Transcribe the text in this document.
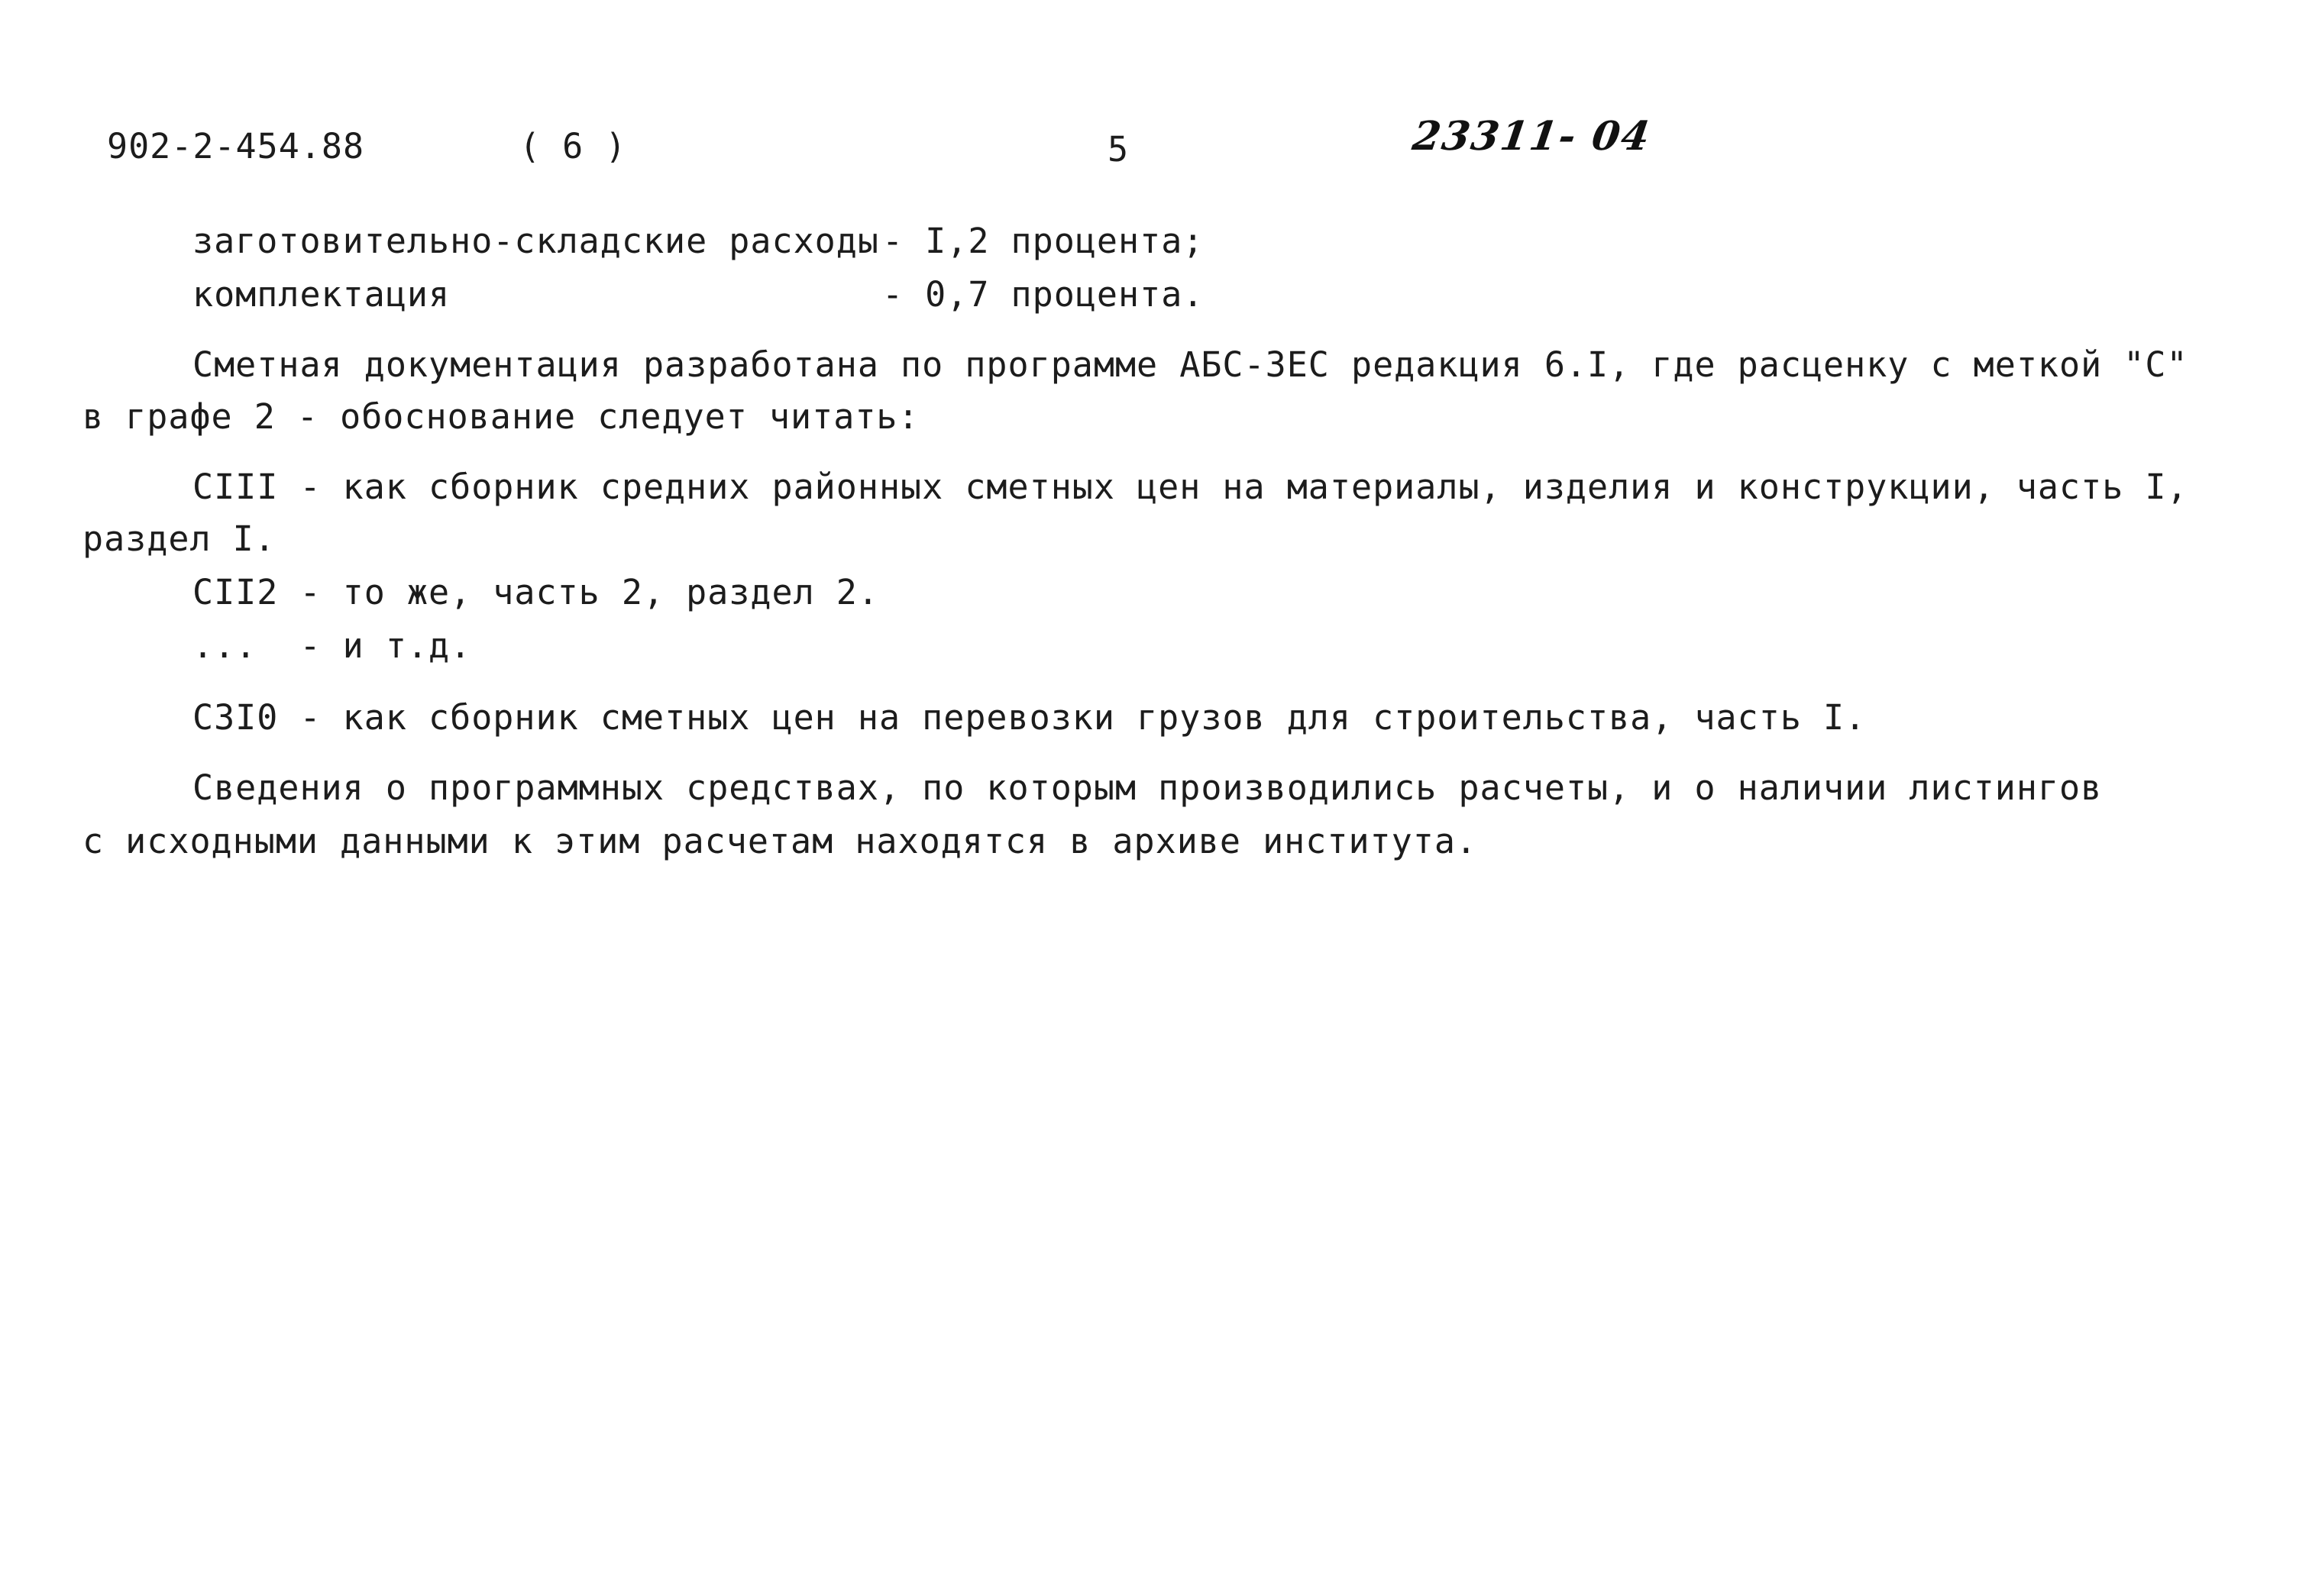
902-2-454.88	( 6 )	5	23311- 04
заготовительно-складские расходы - I,2 процента;
комплектация	- 0,7 процента.
Сметная документация разработана по программе АБС-3ЕС редакция 6.I, где расценку с меткой "С"
в графе 2 - обоснование следует читать:
CIII - как сборник средних районных сметных цен на материалы, изделия и конструкции, часть I,
раздел I.
CII2 - то же, часть 2, раздел 2.
...  - и т.д.
C3I0 - как сборник сметных цен на перевозки грузов для строительства, часть I.
Сведения о программных средствах, по которым производились расчеты, и о наличии листингов
с исходными данными к этим расчетам находятся в архиве института.
